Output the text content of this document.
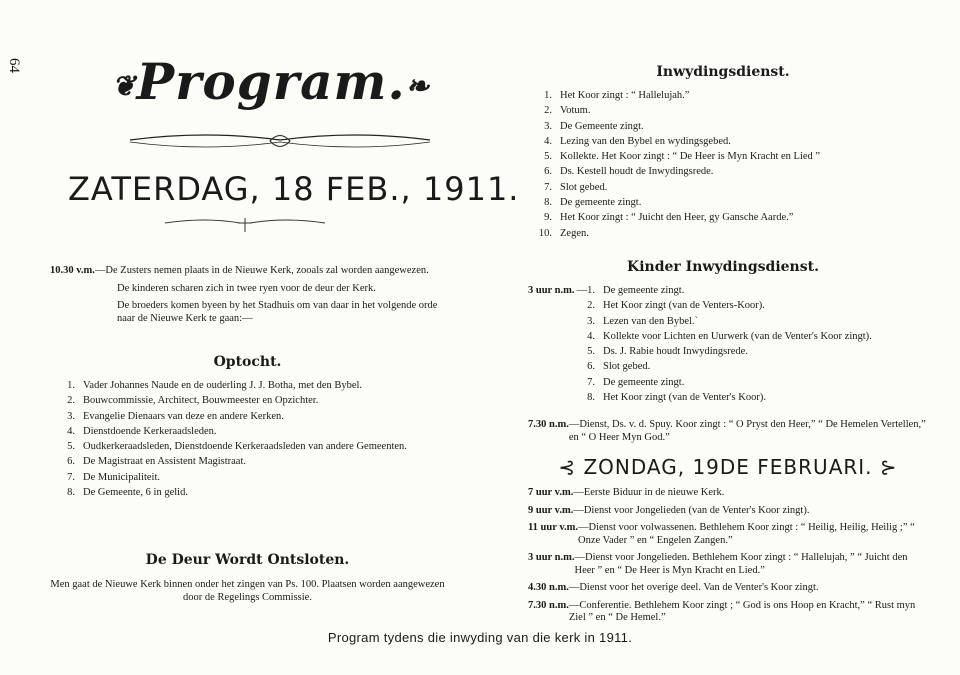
64
❦Program.❧
ZATERDAG, 18 FEB., 1911.
10.30 v.m. —De Zusters nemen plaats in de Nieuwe Kerk, zooals zal worden aangewezen.
De kinderen scharen zich in twee ryen voor de deur der Kerk.
De broeders komen byeen by het Stadhuis om van daar in het volgende orde naar de Nieuwe Kerk te gaan:—
Optocht.
1. Vader Johannes Naude en de ouderling J. J. Botha, met den Bybel.
2. Bouwcommissie, Architect, Bouwmeester en Opzichter.
3. Evangelie Dienaars van deze en andere Kerken.
4. Dienstdoende Kerkeraadsleden.
5. Oudkerkeraadsleden, Dienstdoende Kerkeraadsleden van andere Gemeenten.
6. De Magistraat en Assistent Magistraat.
7. De Municipaliteit.
8. De Gemeente, 6 in gelid.
De Deur Wordt Ontsloten.
Men gaat de Nieuwe Kerk binnen onder het zingen van Ps. 100. Plaatsen worden aangewezen door de Regelings Commissie.
Inwydingsdienst.
1. Het Koor zingt : “ Hallelujah.”
2. Votum.
3. De Gemeente zingt.
4. Lezing van den Bybel en wydingsgebed.
5. Kollekte. Het Koor zingt : “ De Heer is Myn Kracht en Lied ”
6. Ds. Kestell houdt de Inwydingsrede.
7. Slot gebed.
8. De gemeente zingt.
9. Het Koor zingt : “ Juicht den Heer, gy Gansche Aarde.”
10. Zegen.
Kinder Inwydingsdienst.
3 uur n.m. —1. De gemeente zingt.
2. Het Koor zingt (van de Venters-Koor).
3. Lezen van den Bybel.`
4. Kollekte voor Lichten en Uurwerk (van de Venter's Koor zingt).
5. Ds. J. Rabie houdt Inwydingsrede.
6. Slot gebed.
7. De gemeente zingt.
8. Het Koor zingt (van de Venter's Koor).
7.30 n.m. —Dienst, Ds. v. d. Spuy. Koor zingt : “ O Pryst den Heer,” “ De Hemelen Vertellen,” en “ O Heer Myn God.”
⊰ ZONDAG, 19DE FEBRUARI. ⊱
7 uur v.m. —Eerste Biduur in de nieuwe Kerk.
9 uur v.m. —Dienst voor Jongelieden (van de Venter's Koor zingt).
11 uur v.m. —Dienst voor volwassenen. Bethlehem Koor zingt : “ Heilig, Heilig, Heilig ;” “ Onze Vader ” en “ Engelen Zangen.”
3 uur n.m. —Dienst voor Jongelieden. Bethlehem Koor zingt : “ Hallelujah, ” “ Juicht den Heer ” en “ De Heer is Myn Kracht en Lied.”
4.30 n.m. —Dienst voor het overige deel. Van de Venter's Koor zingt.
7.30 n.m. —Conferentie. Bethlehem Koor zingt ; “ God is ons Hoop en Kracht,” “ Rust myn Ziel ” en “ De Hemel.”
Program tydens die inwyding van die kerk in 1911.
